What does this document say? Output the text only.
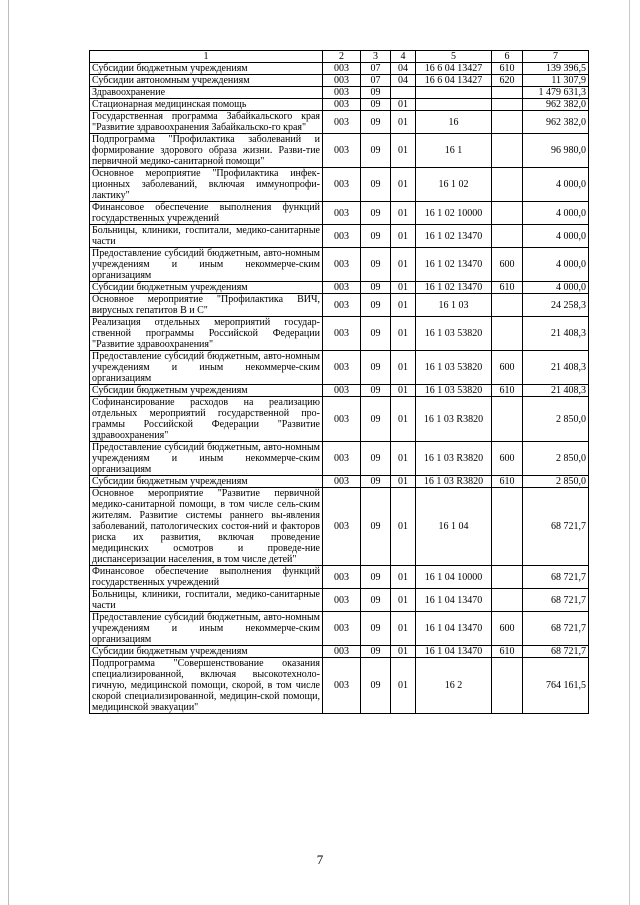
1	2	3	4	5	6	7
Субсидии бюджетным учреждениям	003	07	04	16 6 04 13427	610	139 396,5
Субсидии автономным учреждениям	003	07	04	16 6 04 13427	620	11 307,9
Здравоохранение	003	09				1 479 631,3
Стационарная медицинская помощь	003	09	01			962 382,0
Государственная программа Забайкальского края "Развитие здравоохранения Забайкальско-го края"	003	09	01	16		962 382,0
Подпрограмма "Профилактика заболеваний и формирование здорового образа жизни. Разви-тие первичной медико-санитарной помощи"	003	09	01	16 1		96 980,0
Основное мероприятие "Профилактика инфек-ционных заболеваний, включая иммунопрофи-лактику"	003	09	01	16 1 02		4 000,0
Финансовое обеспечение выполнения функций государственных учреждений	003	09	01	16 1 02 10000		4 000,0
Больницы, клиники, госпитали, медико-санитарные части	003	09	01	16 1 02 13470		4 000,0
Предоставление субсидий бюджетным, авто-номным учреждениям и иным некоммерче-ским организациям	003	09	01	16 1 02 13470	600	4 000,0
Субсидии бюджетным учреждениям	003	09	01	16 1 02 13470	610	4 000,0
Основное мероприятие "Профилактика ВИЧ, вирусных гепатитов В и С"	003	09	01	16 1 03		24 258,3
Реализация отдельных мероприятий государ-ственной программы Российской Федерации "Развитие здравоохранения"	003	09	01	16 1 03 53820		21 408,3
Предоставление субсидий бюджетным, авто-номным учреждениям и иным некоммерче-ским организациям	003	09	01	16 1 03 53820	600	21 408,3
Субсидии бюджетным учреждениям	003	09	01	16 1 03 53820	610	21 408,3
Софинансирование расходов на реализацию отдельных мероприятий государственной про-граммы Российской Федерации "Развитие здравоохранения"	003	09	01	16 1 03 R3820		2 850,0
Предоставление субсидий бюджетным, авто-номным учреждениям и иным некоммерче-ским организациям	003	09	01	16 1 03 R3820	600	2 850,0
Субсидии бюджетным учреждениям	003	09	01	16 1 03 R3820	610	2 850,0
Основное мероприятие "Развитие первичной медико-санитарной помощи, в том числе сель-ским жителям. Развитие системы раннего вы-явления заболеваний, патологических состоя-ний и факторов риска их развития, включая проведение медицинских осмотров и проведе-ние диспансеризации населения, в том числе детей"	003	09	01	16 1 04		68 721,7
Финансовое обеспечение выполнения функций государственных учреждений	003	09	01	16 1 04 10000		68 721,7
Больницы, клиники, госпитали, медико-санитарные части	003	09	01	16 1 04 13470		68 721,7
Предоставление субсидий бюджетным, авто-номным учреждениям и иным некоммерче-ским организациям	003	09	01	16 1 04 13470	600	68 721,7
Субсидии бюджетным учреждениям	003	09	01	16 1 04 13470	610	68 721,7
Подпрограмма "Совершенствование оказания специализированной, включая высокотехноло-гичную, медицинской помощи, скорой, в том числе скорой специализированной, медицин-ской помощи, медицинской эвакуации"	003	09	01	16 2		764 161,5
7
